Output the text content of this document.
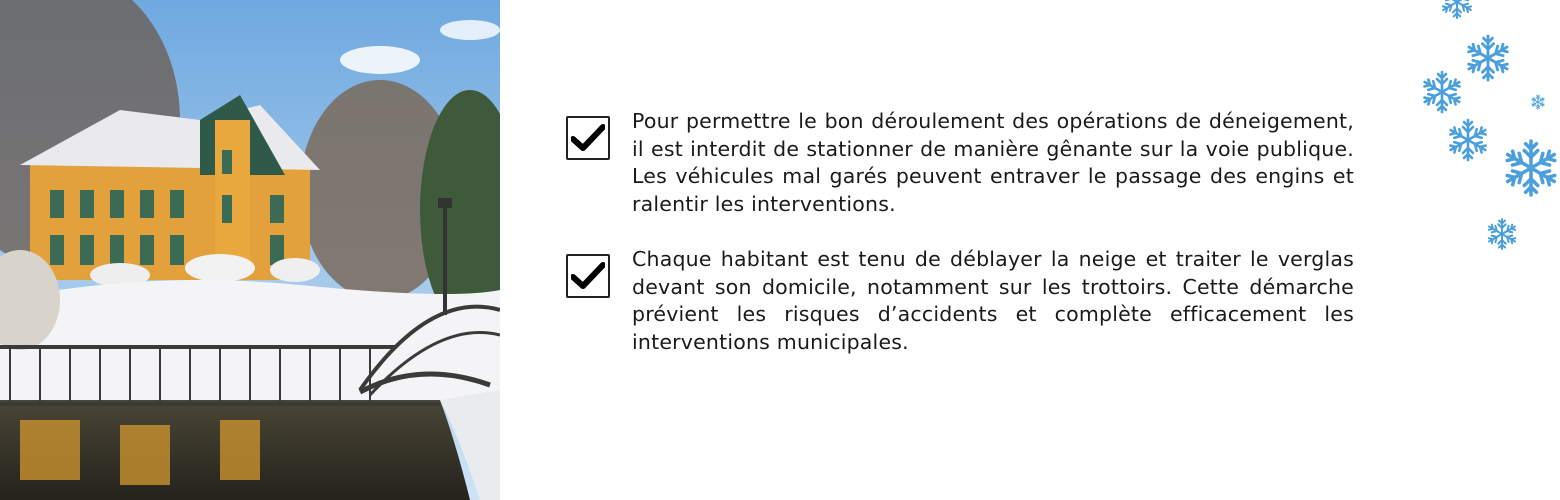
Pour permettre le bon déroulement des opérations de déneigement, il est interdit de stationner de manière gênante sur la voie publique. Les véhicules mal garés peuvent entraver le passage des engins et ralentir les interventions.

Chaque habitant est tenu de déblayer la neige et traiter le verglas devant son domicile, notamment sur les trottoirs. Cette démarche prévient les risques d’accidents et complète efficacement les interventions municipales.
